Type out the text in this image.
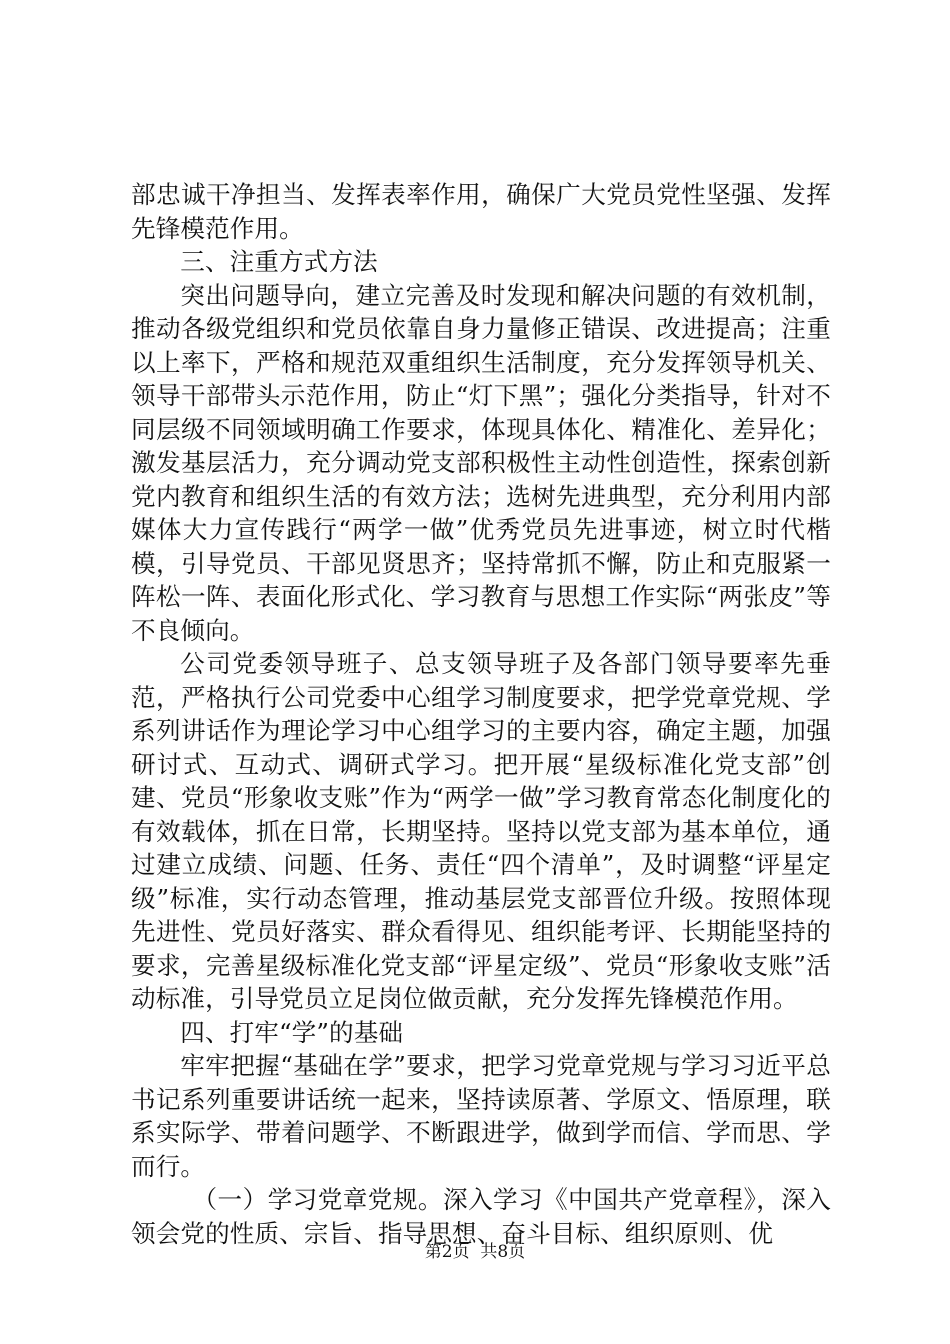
部忠诚干净担当、发挥表率作用，确保广大党员党性坚强、发挥先锋模范作用。

三、注重方式方法

突出问题导向，建立完善及时发现和解决问题的有效机制，推动各级党组织和党员依靠自身力量修正错误、改进提高；注重以上率下，严格和规范双重组织生活制度，充分发挥领导机关、领导干部带头示范作用，防止“灯下黑”；强化分类指导，针对不同层级不同领域明确工作要求，体现具体化、精准化、差异化；激发基层活力，充分调动党支部积极性主动性创造性，探索创新党内教育和组织生活的有效方法；选树先进典型，充分利用内部媒体大力宣传践行“两学一做”优秀党员先进事迹，树立时代楷模，引导党员、干部见贤思齐；坚持常抓不懈，防止和克服紧一阵松一阵、表面化形式化、学习教育与思想工作实际“两张皮”等不良倾向。

公司党委领导班子、总支领导班子及各部门领导要率先垂范，严格执行公司党委中心组学习制度要求，把学党章党规、学系列讲话作为理论学习中心组学习的主要内容，确定主题，加强研讨式、互动式、调研式学习。把开展“星级标准化党支部”创建、党员“形象收支账”作为“两学一做”学习教育常态化制度化的有效载体，抓在日常，长期坚持。坚持以党支部为基本单位，通过建立成绩、问题、任务、责任“四个清单”，及时调整“评星定级”标准，实行动态管理，推动基层党支部晋位升级。按照体现先进性、党员好落实、群众看得见、组织能考评、长期能坚持的要求，完善星级标准化党支部“评星定级”、党员“形象收支账”活动标准，引导党员立足岗位做贡献，充分发挥先锋模范作用。

四、打牢“学”的基础

牢牢把握“基础在学”要求，把学习党章党规与学习习近平总书记系列重要讲话统一起来，坚持读原著、学原文、悟原理，联系实际学、带着问题学、不断跟进学，做到学而信、学而思、学而行。

（一）学习党章党规。深入学习《中国共产党章程》，深入领会党的性质、宗旨、指导思想、奋斗目标、组织原则、优

第2页  共8页
